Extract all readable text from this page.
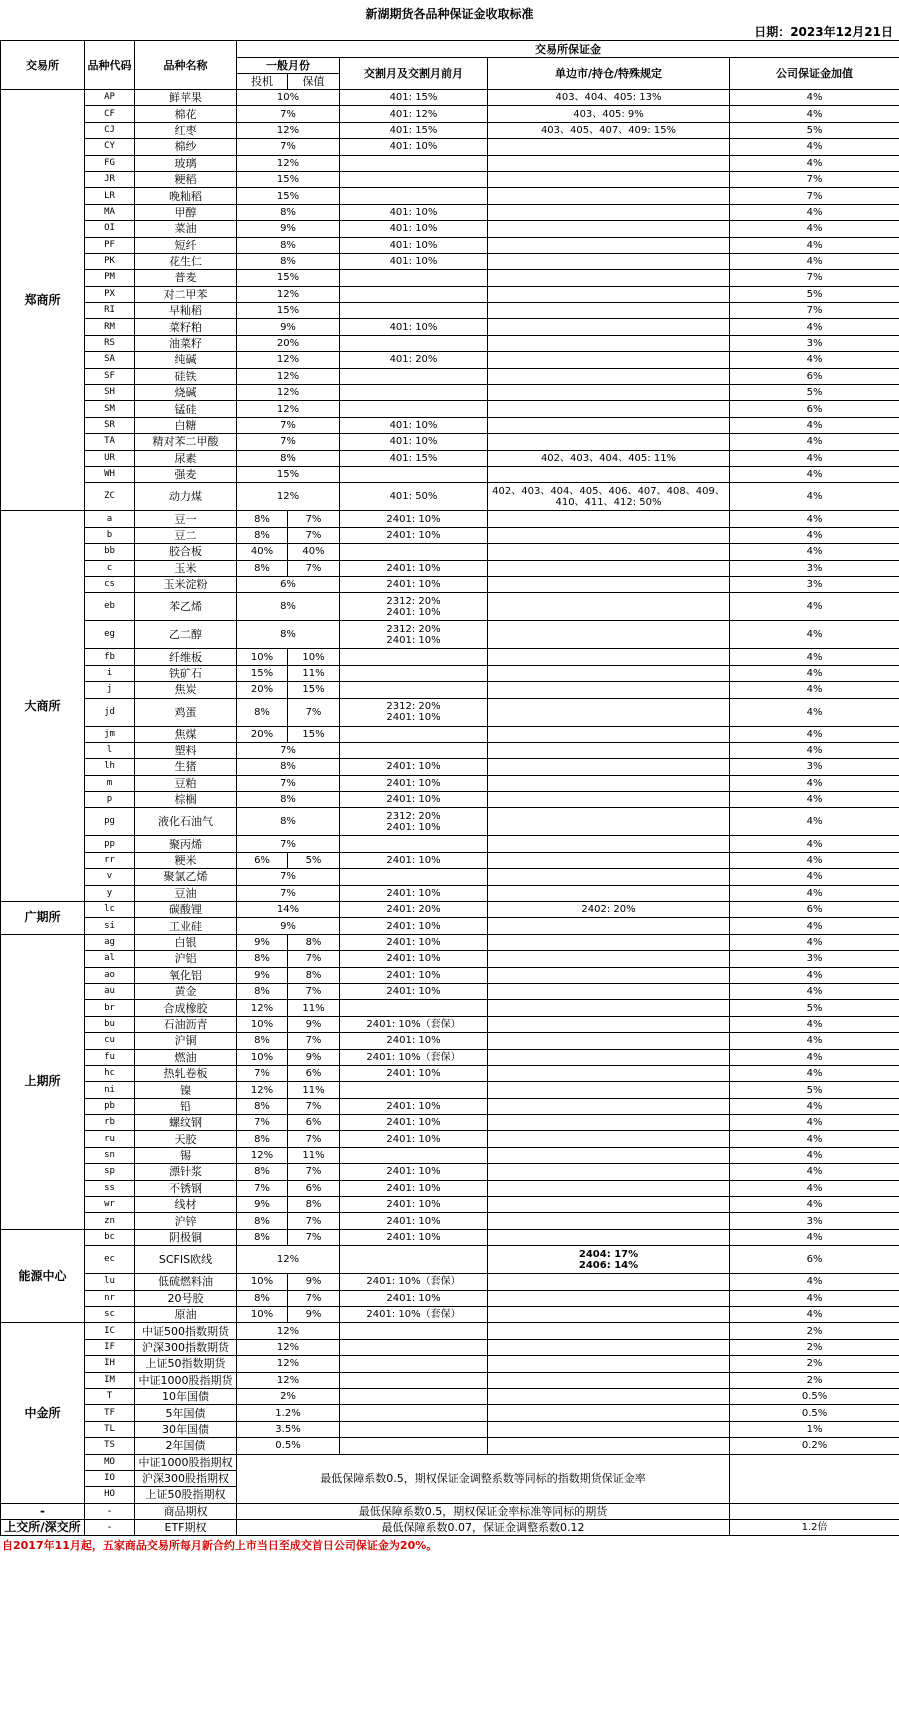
新湖期货各品种保证金收取标准
日期：2023年12月21日
交易所	品种代码	品种名称	交易所保证金				
			一般月份		交割月及交割月前月	单边市/持仓/特殊规定	公司保证金加值
			投机	保值			
郑商所	AP	鲜苹果	10%		401: 15%	403、404、405: 13%	4%
	CF	棉花	7%		401: 12%	403、405: 9%	4%
	CJ	红枣	12%		401: 15%	403、405、407、409: 15%	5%
	CY	棉纱	7%		401: 10%		4%
	FG	玻璃	12%				4%
	JR	粳稻	15%				7%
	LR	晚籼稻	15%				7%
	MA	甲醇	8%		401: 10%		4%
	OI	菜油	9%		401: 10%		4%
	PF	短纤	8%		401: 10%		4%
	PK	花生仁	8%		401: 10%		4%
	PM	普麦	15%				7%
	PX	对二甲苯	12%				5%
	RI	早籼稻	15%				7%
	RM	菜籽粕	9%		401: 10%		4%
	RS	油菜籽	20%				3%
	SA	纯碱	12%		401: 20%		4%
	SF	硅铁	12%				6%
	SH	烧碱	12%				5%
	SM	锰硅	12%				6%
	SR	白糖	7%		401: 10%		4%
	TA	精对苯二甲酸	7%		401: 10%		4%
	UR	尿素	8%		401: 15%	402、403、404、405: 11%	4%
	WH	强麦	15%				4%
	ZC	动力煤	12%		401: 50%	402、403、404、405、406、407、408、409、410、411、412: 50%	4%
大商所	a	豆一	8%	7%	2401: 10%		4%
	b	豆二	8%	7%	2401: 10%		4%
	bb	胶合板	40%	40%			4%
	c	玉米	8%	7%	2401: 10%		3%
	cs	玉米淀粉	6%		2401: 10%		3%
	eb	苯乙烯	8%		2312: 20%
2401: 10%		4%
	eg	乙二醇	8%		2312: 20%
2401: 10%		4%
	fb	纤维板	10%	10%			4%
	i	铁矿石	15%	11%			4%
	j	焦炭	20%	15%			4%
	jd	鸡蛋	8%	7%	2312: 20%
2401: 10%		4%
	jm	焦煤	20%	15%			4%
	l	塑料	7%				4%
	lh	生猪	8%		2401: 10%		3%
	m	豆粕	7%		2401: 10%		4%
	p	棕榈	8%		2401: 10%		4%
	pg	液化石油气	8%		2312: 20%
2401: 10%		4%
	pp	聚丙烯	7%				4%
	rr	粳米	6%	5%	2401: 10%		4%
	v	聚氯乙烯	7%				4%
	y	豆油	7%		2401: 10%		4%
广期所	lc	碳酸锂	14%		2401: 20%	2402: 20%	6%
	si	工业硅	9%		2401: 10%		4%
上期所	ag	白银	9%	8%	2401: 10%		4%
	al	沪铝	8%	7%	2401: 10%		3%
	ao	氧化铝	9%	8%	2401: 10%		4%
	au	黄金	8%	7%	2401: 10%		4%
	br	合成橡胶	12%	11%			5%
	bu	石油沥青	10%	9%	2401: 10%（套保）		4%
	cu	沪铜	8%	7%	2401: 10%		4%
	fu	燃油	10%	9%	2401: 10%（套保）		4%
	hc	热轧卷板	7%	6%	2401: 10%		4%
	ni	镍	12%	11%			5%
	pb	铅	8%	7%	2401: 10%		4%
	rb	螺纹钢	7%	6%	2401: 10%		4%
	ru	天胶	8%	7%	2401: 10%		4%
	sn	锡	12%	11%			4%
	sp	漂针浆	8%	7%	2401: 10%		4%
	ss	不锈钢	7%	6%	2401: 10%		4%
	wr	线材	9%	8%	2401: 10%		4%
	zn	沪锌	8%	7%	2401: 10%		3%
能源中心	bc	阴极铜	8%	7%	2401: 10%		4%
	ec	SCFIS欧线	12%			2404: 17%
2406: 14%	6%
	lu	低硫燃料油	10%	9%	2401: 10%（套保）		4%
	nr	20号胶	8%	7%	2401: 10%		4%
	sc	原油	10%	9%	2401: 10%（套保）		4%
中金所	IC	中证500指数期货	12%				2%
	IF	沪深300指数期货	12%				2%
	IH	上证50指数期货	12%				2%
	IM	中证1000股指期货	12%				2%
	T	10年国债	2%				0.5%
	TF	5年国债	1.2%				0.5%
	TL	30年国债	3.5%				1%
	TS	2年国债	0.5%				0.2%
	MO	中证1000股指期权	最低保障系数0.5，期权保证金调整系数等同标的指数期货保证金率				
	IO	沪深300股指期权					
	HO	上证50股指期权					
-	-	商品期权	最低保障系数0.5，期权保证金率标准等同标的期货				
上交所/深交所	-	ETF期权	最低保障系数0.07，保证金调整系数0.12				1.2倍
自2017年11月起，五家商品交易所每月新合约上市当日至成交首日公司保证金为20%。
